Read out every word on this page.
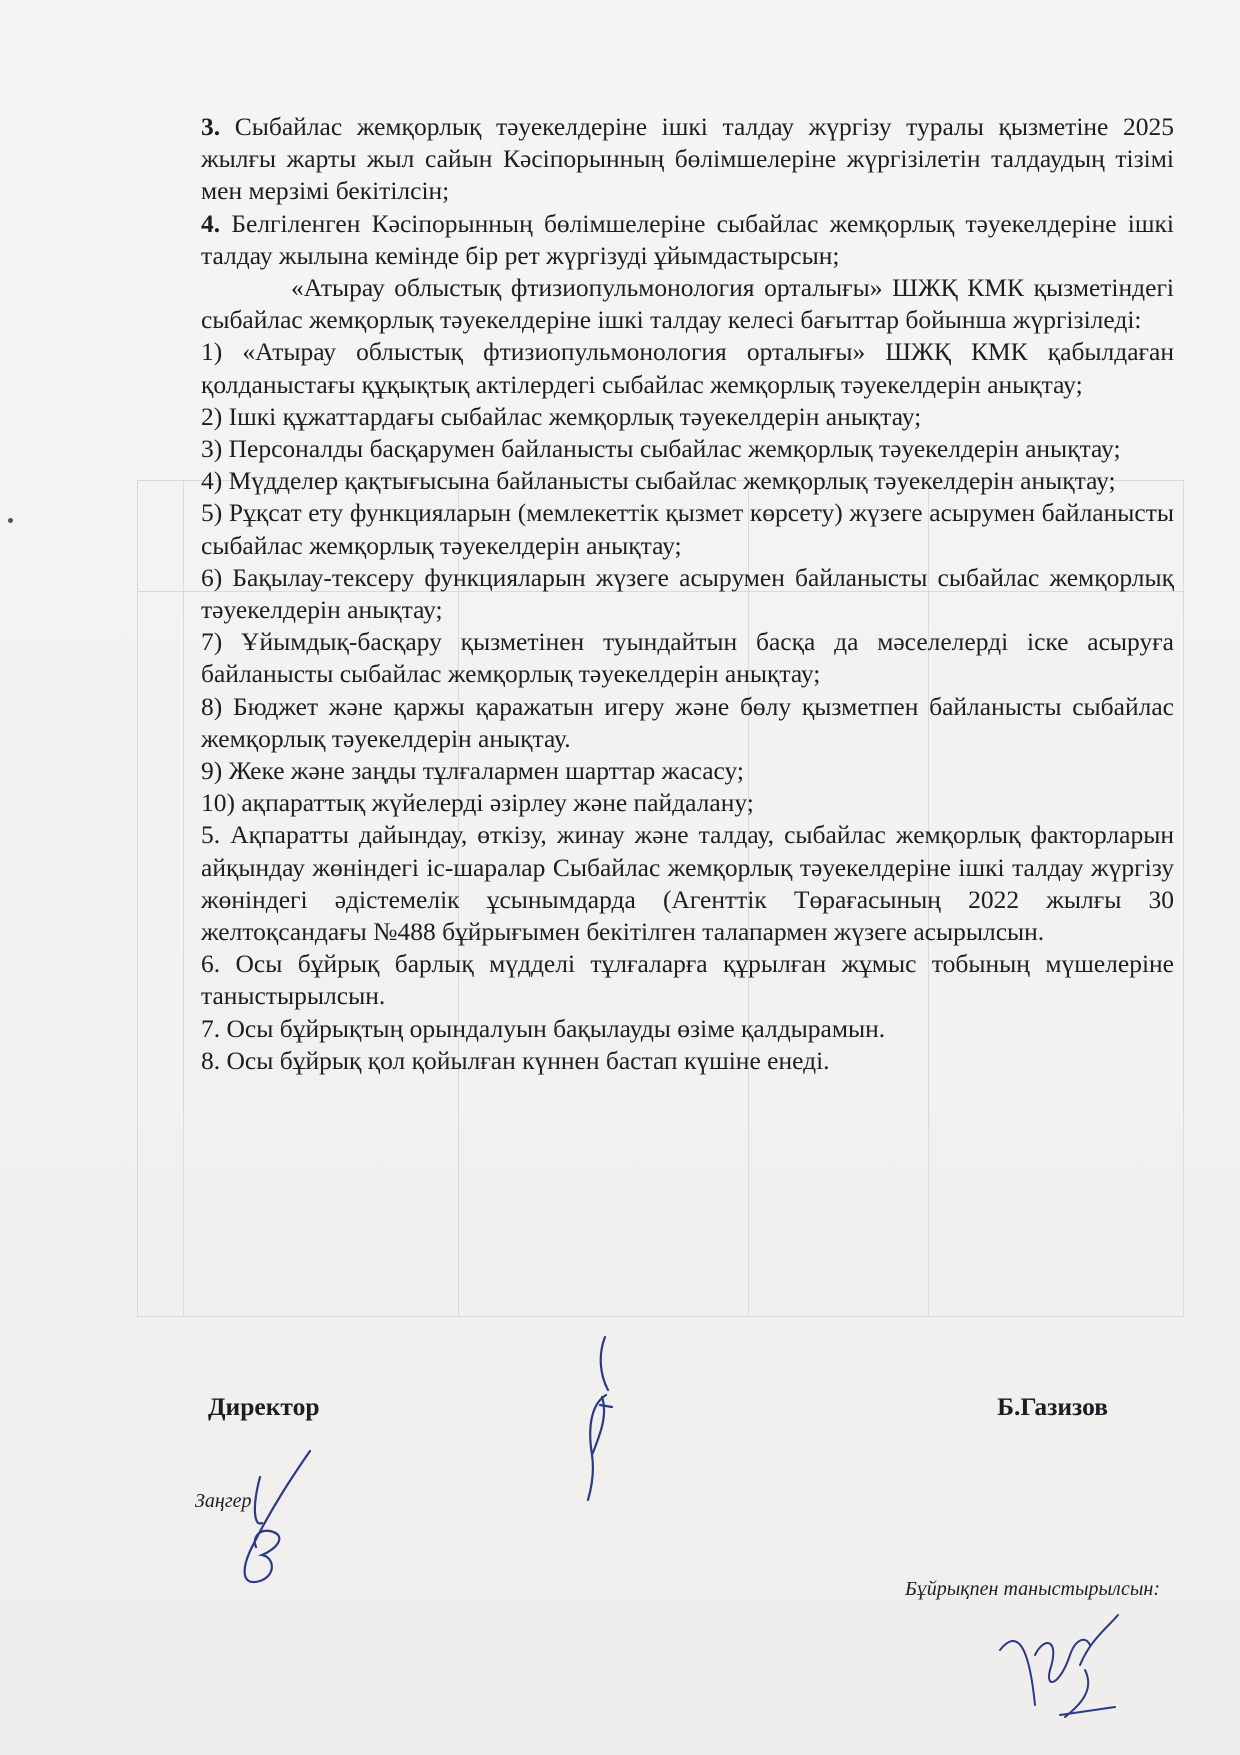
3. Сыбайлас жемқорлық тәуекелдеріне ішкі талдау жүргізу туралы қызметіне 2025 жылғы жарты жыл сайын Кәсіпорынның бөлімшелеріне жүргізілетін талдаудың тізімі мен мерзімі бекітілсін;

4. Белгіленген Кәсіпорынның бөлімшелеріне сыбайлас жемқорлық тәуекелдеріне ішкі талдау жылына кемінде бір рет жүргізуді ұйымдастырсын;

«Атырау облыстық фтизиопульмонология орталығы» ШЖҚ КМК қызметіндегі сыбайлас жемқорлық тәуекелдеріне ішкі талдау келесі бағыттар бойынша жүргізіледі:

1) «Атырау облыстық фтизиопульмонология орталығы» ШЖҚ КМК қабылдаған қолданыстағы құқықтық актілердегі сыбайлас жемқорлық тәуекелдерін анықтау;

2) Ішкі құжаттардағы сыбайлас жемқорлық тәуекелдерін анықтау;

3) Персоналды басқарумен байланысты сыбайлас жемқорлық тәуекелдерін анықтау;

4) Мүдделер қақтығысына байланысты сыбайлас жемқорлық тәуекелдерін анықтау;

5) Рұқсат ету функцияларын (мемлекеттік қызмет көрсету) жүзеге асырумен байланысты сыбайлас жемқорлық тәуекелдерін анықтау;

6) Бақылау-тексеру функцияларын жүзеге асырумен байланысты сыбайлас жемқорлық тәуекелдерін анықтау;

7) Ұйымдық-басқару қызметінен туындайтын басқа да мәселелерді іске асыруға байланысты сыбайлас жемқорлық тәуекелдерін анықтау;

8) Бюджет және қаржы қаражатын игеру және бөлу қызметпен байланысты сыбайлас жемқорлық тәуекелдерін анықтау.

9) Жеке және заңды тұлғалармен шарттар жасасу;

10) ақпараттық жүйелерді әзірлеу және пайдалану;

5. Ақпаратты дайындау, өткізу, жинау және талдау, сыбайлас жемқорлық факторларын айқындау жөніндегі іс-шаралар Сыбайлас жемқорлық тәуекелдеріне ішкі талдау жүргізу жөніндегі әдістемелік ұсынымдарда (Агенттік Төрағасының 2022 жылғы 30 желтоқсандағы №488 бұйрығымен бекітілген талапармен жүзеге асырылсын.

6. Осы бұйрық барлық мүдделі тұлғаларға құрылған жұмыс тобының мүшелеріне таныстырылсын.

7. Осы бұйрықтың орындалуын бақылауды өзіме қалдырамын.

8. Осы бұйрық қол қойылған күннен бастап күшіне енеді.

Директор	Б.Газизов
Заңгер
Бұйрықпен таныстырылсын:
